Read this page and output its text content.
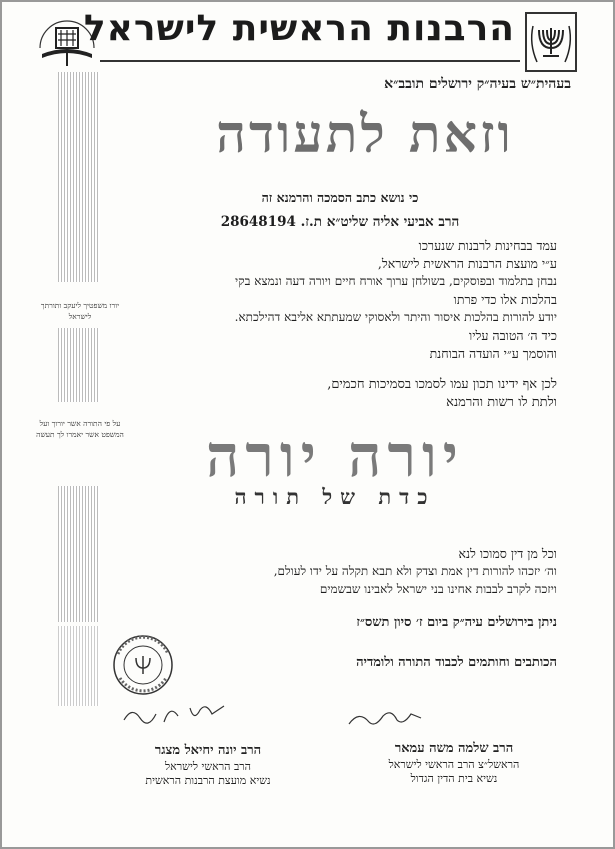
הרבנות הראשית לישראל
בעהית״ש בעיה״ק ירושלים תובב״א
יורו משפטיך ליעקב ותורתך לישראל
על פי התורה אשר יורוך ועל המשפט אשר יאמרו לך תעשה
וזאת לתעודה
כי נושא כתב הסמכה והרמנא זה
הרב אביעי אליה שליט״א ת.ז. 28648194
עמד בבחינות לרבנות שנערכו
ע״י מועצת הרבנות הראשית לישראל,
נבחן בתלמוד ובפוסקים, בשולחן ערוך אורח חיים ויורה דעה ונמצא בקי
בהלכות אלו כדי פרתו
יודע להורות בהלכות איסור והיתר ולאסוקי שמעתתא אליבא דהילכתא.
כיד ה׳ הטובה עליו
והוסמך ע״י הועדה הבוחנת
לכן אף ידינו תכון עמו לסמכו בסמיכות חכמים,
ולתת לו רשות והרמנא
יורה יורה
כדת של תורה
וכל מן דין סמוכו לנא
וה׳ יזכהו להורות דין אמת וצדק ולא תבא תקלה על ידו לעולם,
ויזכה לקרב לבבות אחינו בני ישראל לאבינו שבשמים
ניתן בירושלים עיה״ק ביום ז׳ סיון תשס״ז
הכותבים וחותמים לכבוד התורה ולומדיה
הרב יונה יחיאל מצגר
הרב הראשי לישראל
נשיא מועצת הרבנות הראשית
הרב שלמה משה עמאר
הראשל״צ הרב הראשי לישראל
נשיא בית הדין הגדול
